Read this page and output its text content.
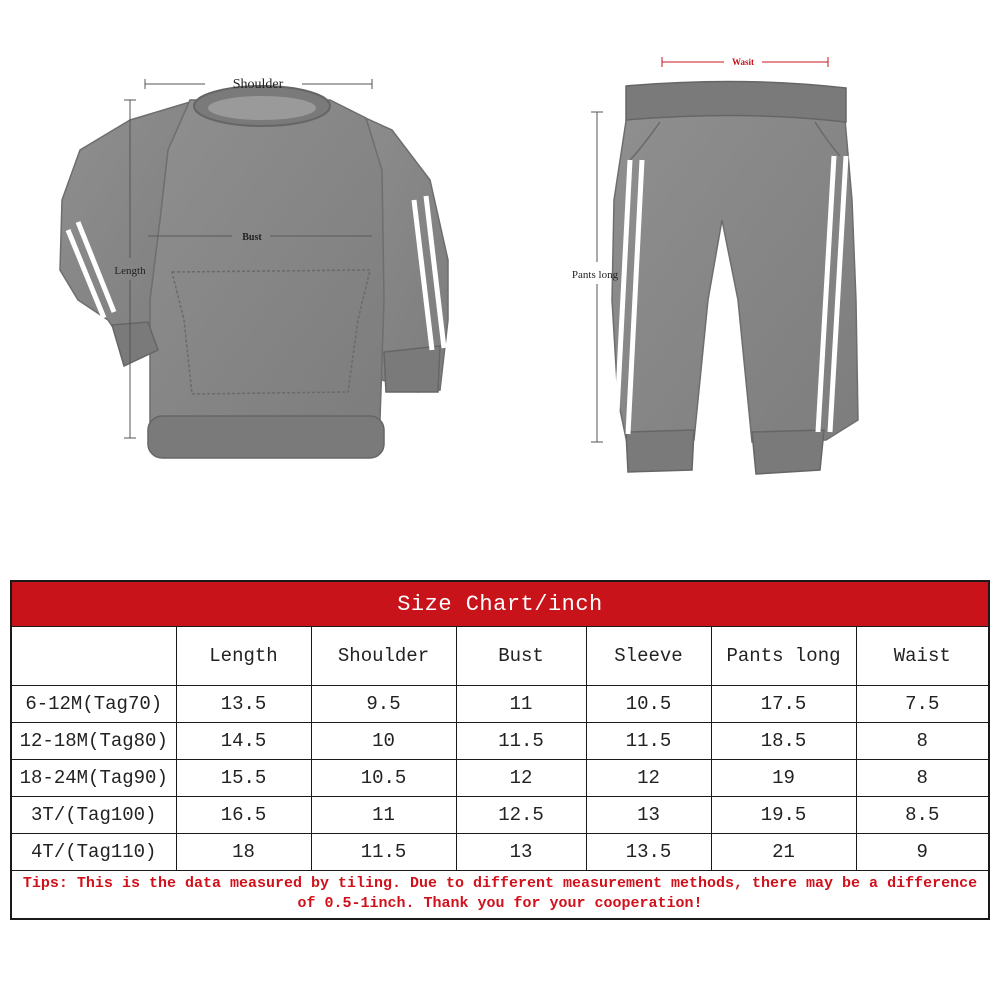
Shoulder
Bust
Length
Wasit
Pants long
Size Chart/inch
	Length	Shoulder	Bust	Sleeve	Pants long	Waist
6-12M(Tag70)	13.5	9.5	11	10.5	17.5	7.5
12-18M(Tag80)	14.5	10	11.5	11.5	18.5	8
18-24M(Tag90)	15.5	10.5	12	12	19	8
3T/(Tag100)	16.5	11	12.5	13	19.5	8.5
4T/(Tag110)	18	11.5	13	13.5	21	9
Tips: This is the data measured by tiling. Due to different measurement methods, there may be a difference of 0.5-1inch. Thank you for your cooperation!
